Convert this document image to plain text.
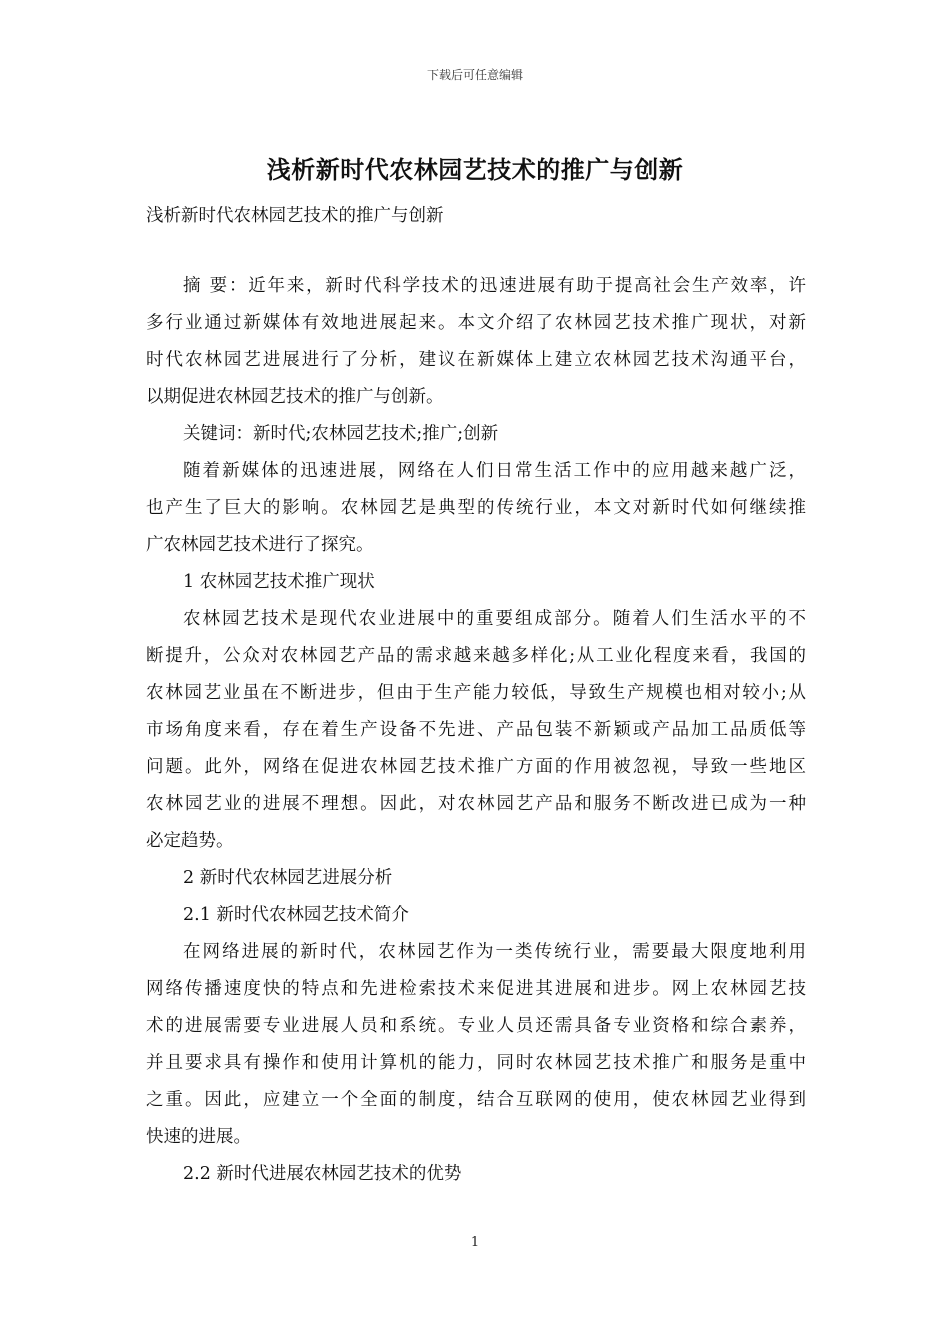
下载后可任意编辑
浅析新时代农林园艺技术的推广与创新
浅析新时代农林园艺技术的推广与创新
摘 要：近年来，新时代科学技术的迅速进展有助于提高社会生产效率，许
多行业通过新媒体有效地进展起来。本文介绍了农林园艺技术推广现状，对新
时代农林园艺进展进行了分析，建议在新媒体上建立农林园艺技术沟通平台，
以期促进农林园艺技术的推广与创新。
关键词：新时代;农林园艺技术;推广;创新
随着新媒体的迅速进展，网络在人们日常生活工作中的应用越来越广泛，
也产生了巨大的影响。农林园艺是典型的传统行业，本文对新时代如何继续推
广农林园艺技术进行了探究。
1 农林园艺技术推广现状
农林园艺技术是现代农业进展中的重要组成部分。随着人们生活水平的不
断提升，公众对农林园艺产品的需求越来越多样化;从工业化程度来看，我国的
农林园艺业虽在不断进步，但由于生产能力较低，导致生产规模也相对较小;从
市场角度来看，存在着生产设备不先进、产品包装不新颖或产品加工品质低等
问题。此外，网络在促进农林园艺技术推广方面的作用被忽视，导致一些地区
农林园艺业的进展不理想。因此，对农林园艺产品和服务不断改进已成为一种
必定趋势。
2 新时代农林园艺进展分析
2.1 新时代农林园艺技术简介
在网络进展的新时代，农林园艺作为一类传统行业，需要最大限度地利用
网络传播速度快的特点和先进检索技术来促进其进展和进步。网上农林园艺技
术的进展需要专业进展人员和系统。专业人员还需具备专业资格和综合素养，
并且要求具有操作和使用计算机的能力，同时农林园艺技术推广和服务是重中
之重。因此，应建立一个全面的制度，结合互联网的使用，使农林园艺业得到
快速的进展。
2.2 新时代进展农林园艺技术的优势
1
